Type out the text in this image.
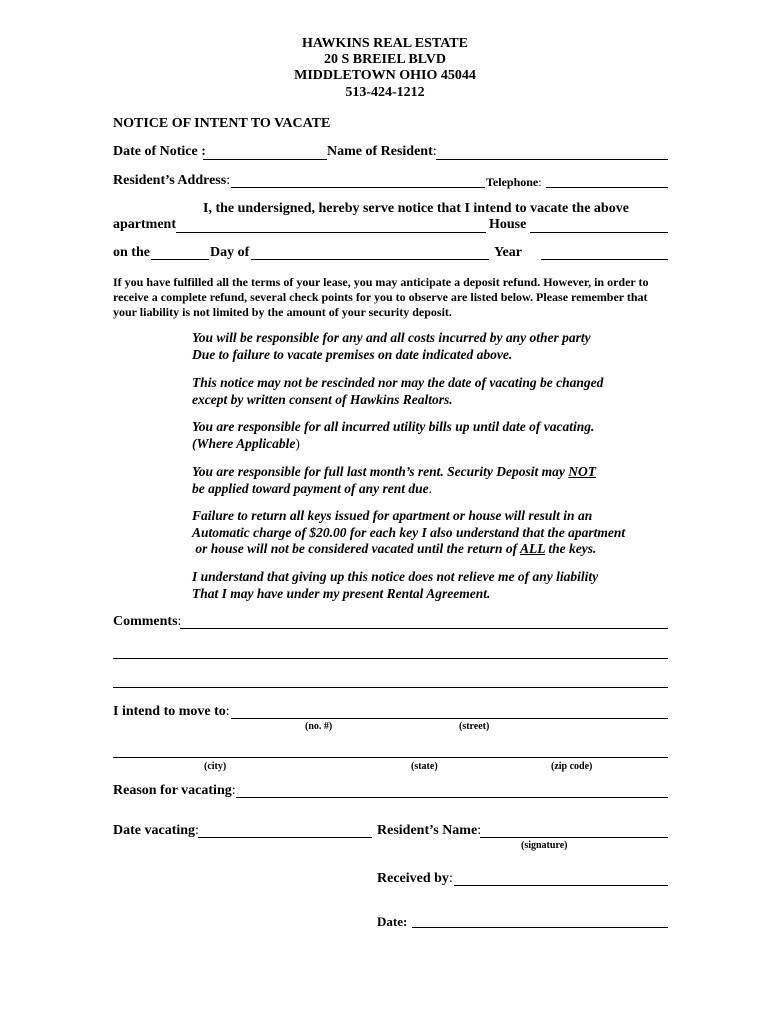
HAWKINS REAL ESTATE
20 S BREIEL BLVD
MIDDLETOWN OHIO 45044
513-424-1212
NOTICE OF INTENT TO VACATE
Date of Notice :	Name of Resident:
Resident’s Address:	Telephone:
I, the undersigned, hereby serve notice that I intend to vacate the above
apartment	House
on the	Day of	Year
If you have fulfilled all the terms of your lease, you may anticipate a deposit refund. However, in order to receive a complete refund, several check points for you to observe are listed below. Please remember that your liability is not limited by the amount of your security deposit.
You will be responsible for any and all costs incurred by any other party
Due to failure to vacate premises on date indicated above.
This notice may not be rescinded nor may the date of vacating be changed
except by written consent of Hawkins Realtors.
You are responsible for all incurred utility bills up until date of vacating.
(Where Applicable)
You are responsible for full last month’s rent. Security Deposit may NOT
be applied toward payment of any rent due.
Failure to return all keys issued for apartment or house will result in an
Automatic charge of $20.00 for each key I also understand that the apartment
or house will not be considered vacated until the return of ALL the keys.
I understand that giving up this notice does not relieve me of any liability
That I may have under my present Rental Agreement.
Comments:
I intend to move to:
(no. #)	(street)
(city)	(state)	(zip code)
Reason for vacating:
Date vacating:	Resident’s Name:
(signature)
Received by:
Date:
